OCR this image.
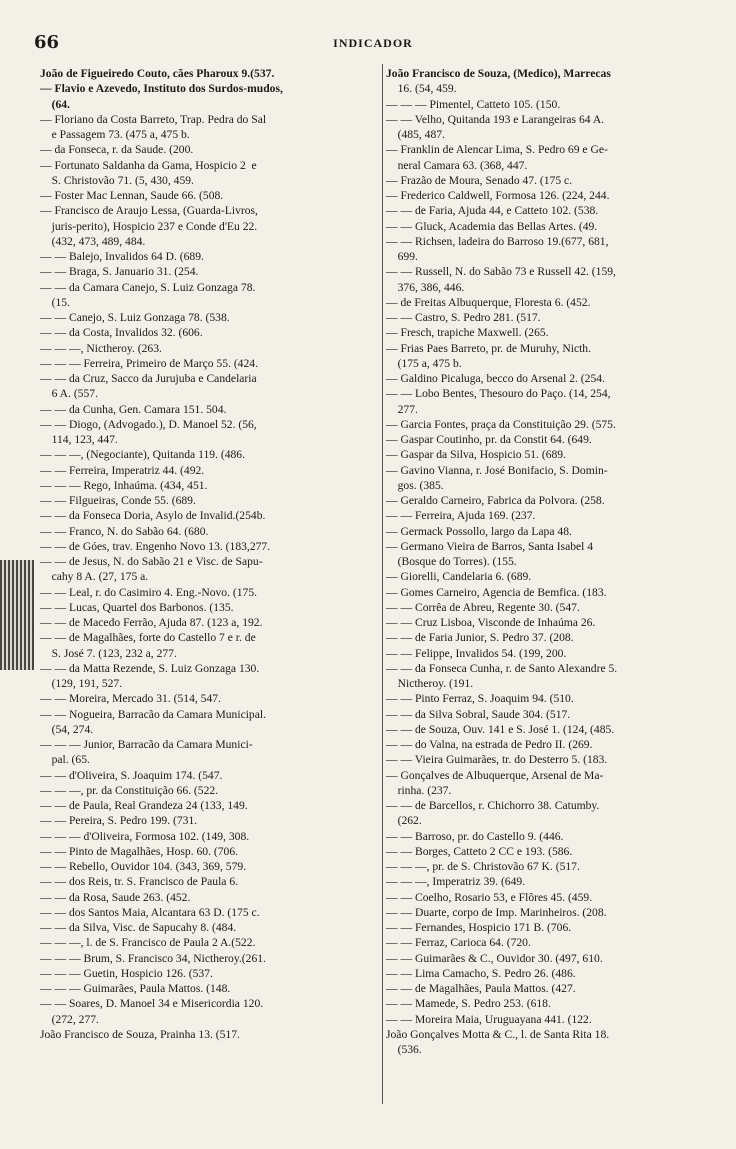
66	INDICADOR
João de Figueiredo Couto, cães Pharoux 9.(537.
— Flavio e Azevedo, Instituto dos Surdos-mudos,
(64.
— Floriano da Costa Barreto, Trap. Pedra do Sal
e Passagem 73. (475 a, 475 b.
— da Fonseca, r. da Saude. (200.
— Fortunato Saldanha da Gama, Hospicio 2  e
S. Christovão 71. (5, 430, 459.
— Foster Mac Lennan, Saude 66. (508.
— Francisco de Araujo Lessa, (Guarda-Livros,
juris-perito), Hospicio 237 e Conde d'Eu 22.
(432, 473, 489, 484.
— — Balejo, Invalidos 64 D. (689.
— — Braga, S. Januario 31. (254.
— — da Camara Canejo, S. Luiz Gonzaga 78.
(15.
— — Canejo, S. Luiz Gonzaga 78. (538.
— — da Costa, Invalidos 32. (606.
— — —, Nictheroy. (263.
— — — Ferreira, Primeiro de Março 55. (424.
— — da Cruz, Sacco da Jurujuba e Candelaria
6 A. (557.
— — da Cunha, Gen. Camara 151. 504.
— — Diogo, (Advogado.), D. Manoel 52. (56,
114, 123, 447.
— — —, (Negociante), Quitanda 119. (486.
— — Ferreira, Imperatriz 44. (492.
— — — Rego, Inhaúma. (434, 451.
— — Filgueiras, Conde 55. (689.
— — da Fonseca Doria, Asylo de Invalid.(254b.
— — Franco, N. do Sabão 64. (680.
— — de Góes, trav. Engenho Novo 13. (183,277.
— — de Jesus, N. do Sabão 21 e Visc. de Sapu-
cahy 8 A. (27, 175 a.
— — Leal, r. do Casimiro 4. Eng.-Novo. (175.
— — Lucas, Quartel dos Barbonos. (135.
— — de Macedo Ferrão, Ajuda 87. (123 a, 192.
— — de Magalhães, forte do Castello 7 e r. de
S. José 7. (123, 232 a, 277.
— — da Matta Rezende, S. Luiz Gonzaga 130.
(129, 191, 527.
— — Moreira, Mercado 31. (514, 547.
— — Nogueira, Barracão da Camara Municipal.
(54, 274.
— — — Junior, Barracão da Camara Munici-
pal. (65.
— — d'Oliveira, S. Joaquim 174. (547.
— — —, pr. da Constituição 66. (522.
— — de Paula, Real Grandeza 24 (133, 149.
— — Pereira, S. Pedro 199. (731.
— — — d'Oliveira, Formosa 102. (149, 308.
— — Pinto de Magalhães, Hosp. 60. (706.
— — Rebello, Ouvidor 104. (343, 369, 579.
— — dos Reis, tr. S. Francisco de Paula 6.
— — da Rosa, Saude 263. (452.
— — dos Santos Maia, Alcantara 63 D. (175 c.
— — da Silva, Visc. de Sapucahy 8. (484.
— — —, l. de S. Francisco de Paula 2 A.(522.
— — — Brum, S. Francisco 34, Nictheroy.(261.
— — — Guetin, Hospicio 126. (537.
— — — Guimarães, Paula Mattos. (148.
— — Soares, D. Manoel 34 e Misericordia 120.
(272, 277.
João Francisco de Souza, Prainha 13. (517.
João Francisco de Souza, (Medico), Marrecas
16. (54, 459.
— — — Pimentel, Catteto 105. (150.
— — Velho, Quitanda 193 e Larangeiras 64 A.
(485, 487.
— Franklin de Alencar Lima, S. Pedro 69 e Ge-
neral Camara 63. (368, 447.
— Frazão de Moura, Senado 47. (175 c.
— Frederico Caldwell, Formosa 126. (224, 244.
— — de Faria, Ajuda 44, e Catteto 102. (538.
— — Gluck, Academia das Bellas Artes. (49.
— — Richsen, ladeira do Barroso 19.(677, 681,
699.
— — Russell, N. do Sabão 73 e Russell 42. (159,
376, 386, 446.
— de Freitas Albuquerque, Floresta 6. (452.
— — Castro, S. Pedro 281. (517.
— Fresch, trapiche Maxwell. (265.
— Frias Paes Barreto, pr. de Muruhy, Nicth.
(175 a, 475 b.
— Galdino Picaluga, becco do Arsenal 2. (254.
— — Lobo Bentes, Thesouro do Paço. (14, 254,
277.
— Garcia Fontes, praça da Constituição 29. (575.
— Gaspar Coutinho, pr. da Constit 64. (649.
— Gaspar da Silva, Hospicio 51. (689.
— Gavino Vianna, r. José Bonifacio, S. Domin-
gos. (385.
— Geraldo Carneiro, Fabrica da Polvora. (258.
— — Ferreira, Ajuda 169. (237.
— Germack Possollo, largo da Lapa 48.
— Germano Vieira de Barros, Santa Isabel 4
(Bosque do Torres). (155.
— Giorelli, Candelaria 6. (689.
— Gomes Carneiro, Agencia de Bemfica. (183.
— — Corrêa de Abreu, Regente 30. (547.
— — Cruz Lisboa, Visconde de Inhaúma 26.
— — de Faria Junior, S. Pedro 37. (208.
— — Felippe, Invalidos 54. (199, 200.
— — da Fonseca Cunha, r. de Santo Alexandre 5.
Nictheroy. (191.
— — Pinto Ferraz, S. Joaquim 94. (510.
— — da Silva Sobral, Saude 304. (517.
— — de Souza, Ouv. 141 e S. José 1. (124, (485.
— — do Valna, na estrada de Pedro II. (269.
— — Vieira Guimarães, tr. do Desterro 5. (183.
— Gonçalves de Albuquerque, Arsenal de Ma-
rinha. (237.
— — de Barcellos, r. Chichorro 38. Catumby.
(262.
— — Barroso, pr. do Castello 9. (446.
— — Borges, Catteto 2 CC e 193. (586.
— — —, pr. de S. Christovão 67 K. (517.
— — —, Imperatriz 39. (649.
— — Coelho, Rosario 53, e Flôres 45. (459.
— — Duarte, corpo de Imp. Marinheiros. (208.
— — Fernandes, Hospicio 171 B. (706.
— — Ferraz, Carioca 64. (720.
— — Guimarães & C., Ouvidor 30. (497, 610.
— — Lima Camacho, S. Pedro 26. (486.
— — de Magalhães, Paula Mattos. (427.
— — Mamede, S. Pedro 253. (618.
— — Moreira Maia, Uruguayana 441. (122.
João Gonçalves Motta & C., l. de Santa Rita 18.
(536.
